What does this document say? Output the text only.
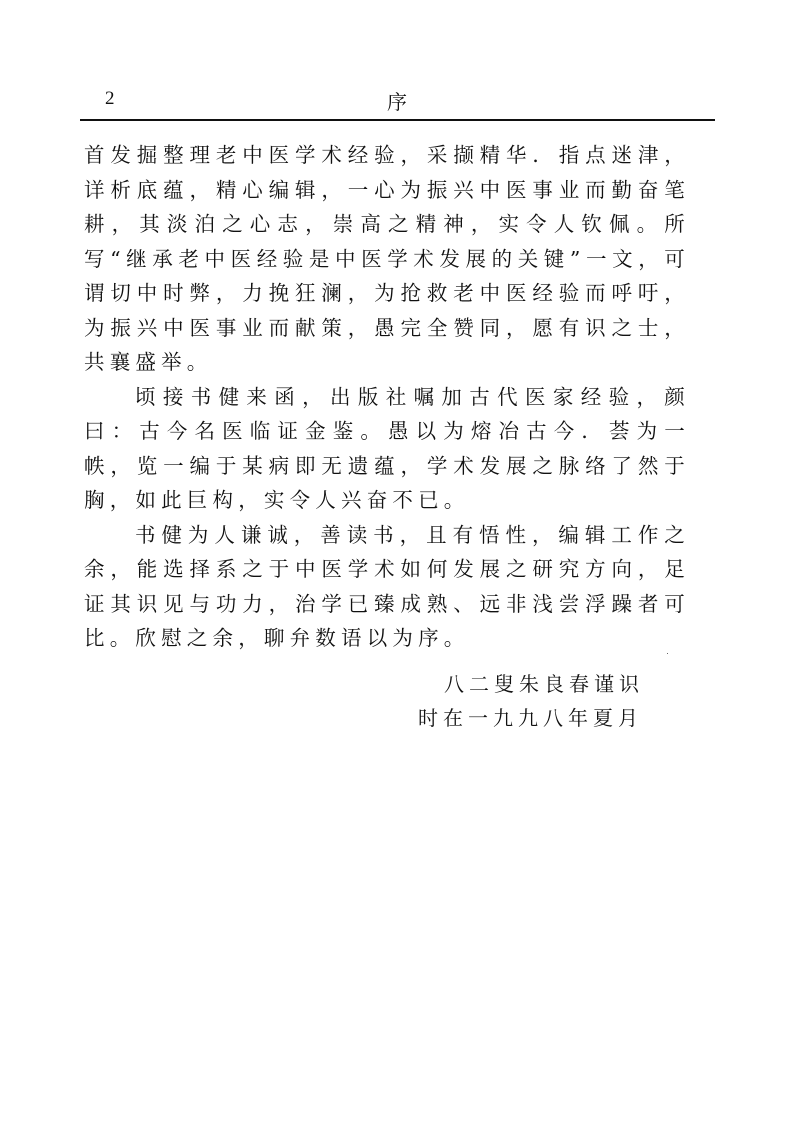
2	序

首发掘整理老中医学术经验，采撷精华．指点迷津，详析底蕴，精心编辑，一心为振兴中医事业而勤奋笔耕，其淡泊之心志，崇高之精神，实令人钦佩。所写“继承老中医经验是中医学术发展的关键”一文，可谓切中时弊，力挽狂澜，为抢救老中医经验而呼吁，为振兴中医事业而献策，愚完全赞同，愿有识之士，共襄盛举。

顷接书健来函，出版社嘱加古代医家经验，颜曰：古今名医临证金鉴。愚以为熔冶古今．荟为一帙，览一编于某病即无遗蕴，学术发展之脉络了然于胸，如此巨构，实令人兴奋不已。

书健为人谦诚，善读书，且有悟性，编辑工作之余，能选择系之于中医学术如何发展之研究方向，足证其识见与功力，治学已臻成熟、远非浅尝浮躁者可比。欣慰之余，聊弁数语以为序。

八二叟朱良春谨识
时在一九九八年夏月
